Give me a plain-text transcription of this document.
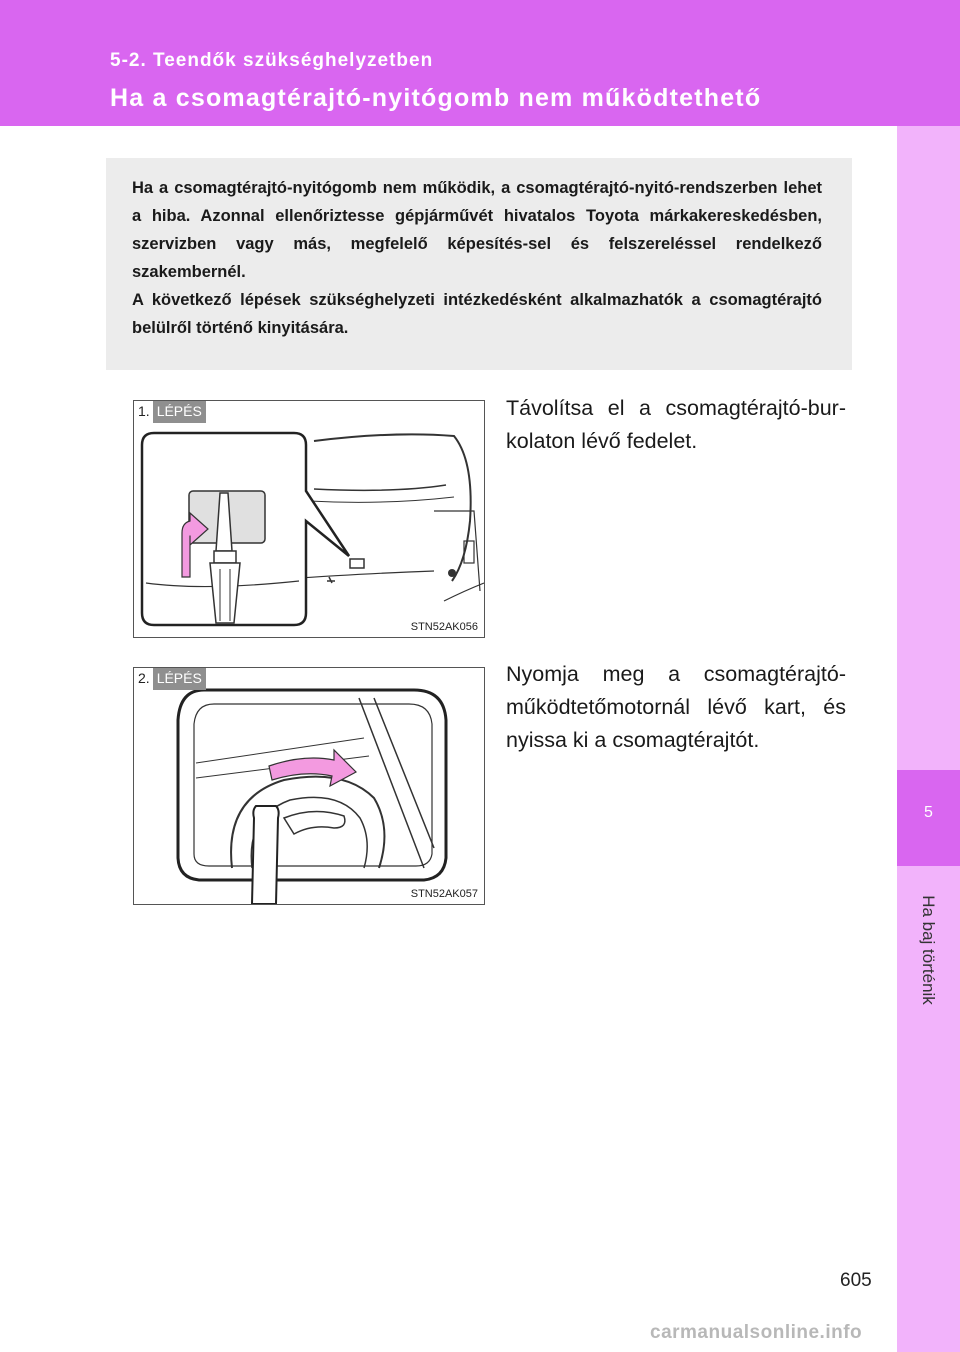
5-2. Teendők szükséghelyzetben
Ha a csomagtérajtó-nyitógomb nem működtethető
5
Ha baj történik

Ha a csomagtérajtó-nyitógomb nem működik, a csomagtérajtó-nyitó-rendszerben lehet a hiba. Azonnal ellenőriztesse gépjárművét hivatalos Toyota márkakereskedésben, szervizben vagy más, megfelelő képesítés-sel és felszereléssel rendelkező szakembernél.

A következő lépések szükséghelyzeti intézkedésként alkalmazhatók a csomagtérajtó belülről történő kinyitására.

1. LÉPÉS
STN52AK056
Távolítsa el a csomagtérajtó-bur-kolaton lévő fedelet.
2. LÉPÉS
STN52AK057
Nyomja meg a csomagtérajtó-működtetőmotornál lévő kart, és nyissa ki a csomagtérajtót.
605
carmanualsonline.info
